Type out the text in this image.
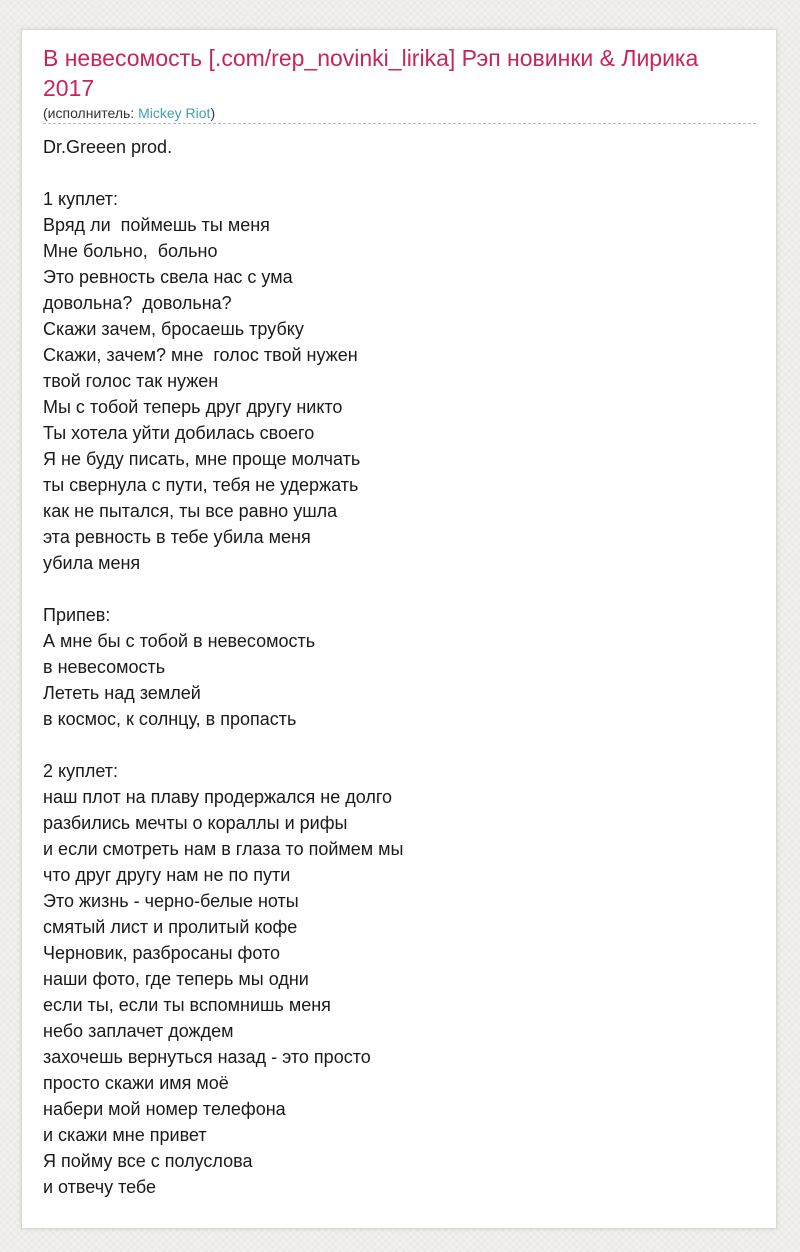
В невесомость [.com/rep_novinki_lirika] Рэп новинки & Лирика 2017
(исполнитель: Mickey Riot)
Dr.Greeen prod.

1 куплет:
Вряд ли  поймешь ты меня
Мне больно,  больно
Это ревность свела нас с ума
довольна?  довольна?
Скажи зачем, бросаешь трубку
Скажи, зачем? мне  голос твой нужен
твой голос так нужен
Мы с тобой теперь друг другу никто
Ты хотела уйти добилась своего
Я не буду писать, мне проще молчать
ты свернула с пути, тебя не удержать
как не пытался, ты все равно ушла
эта ревность в тебе убила меня
убила меня

Припев:
А мне бы с тобой в невесомость
в невесомость
Лететь над землей
в космос, к солнцу, в пропасть

2 куплет:
наш плот на плаву продержался не долго
разбились мечты о кораллы и рифы
и если смотреть нам в глаза то поймем мы
что друг другу нам не по пути
Это жизнь - черно-белые ноты
смятый лист и пролитый кофе
Черновик, разбросаны фото
наши фото, где теперь мы одни
если ты, если ты вспомнишь меня
небо заплачет дождем
захочешь вернуться назад - это просто
просто скажи имя моё
набери мой номер телефона
и скажи мне привет
Я пойму все с полуслова
и отвечу тебе
